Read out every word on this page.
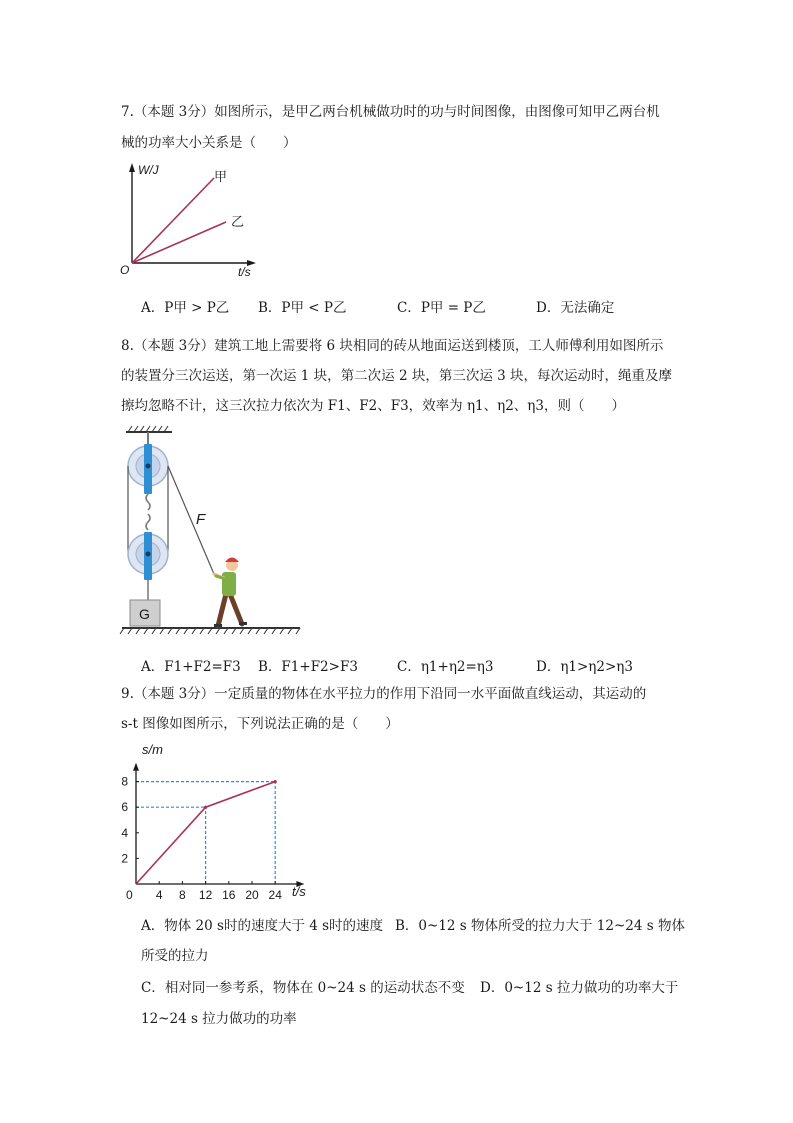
7.（本题 3分）如图所示，是甲乙两台机械做功时的功与时间图像，由图像可知甲乙两台机
械的功率大小关系是（　　）
W/J
t/s
O
甲
乙
A．P甲 > P乙 B．P甲 < P乙	C．P甲 = P乙	D．无法确定
8.（本题 3分）建筑工地上需要将 6 块相同的砖从地面运送到楼顶，工人师傅利用如图所示
的装置分三次运送，第一次运 1 块，第二次运 2 块，第三次运 3 块，每次运动时，绳重及摩
擦均忽略不计，这三次拉力依次为 F1、F2、F3，效率为 η1、η2、η3，则（　　）
G
F
A．F1+F2=F3 B．F1+F2>F3	C．η1+η2=η3	D．η1>η2>η3
9.（本题 3分）一定质量的物体在水平拉力的作用下沿同一水平面做直线运动，其运动的
s-t 图像如图所示，下列说法正确的是（　　）
0 4 8 12 16 20 24
2
4
6
8
s/m
t/s
A．物体 20 s时的速度大于 4 s时的速度 B．0~12 s 物体所受的拉力大于 12~24 s 物体
所受的拉力
C．相对同一参考系，物体在 0~24 s 的运动状态不变 D．0~12 s 拉力做功的功率大于
12~24 s 拉力做功的功率
